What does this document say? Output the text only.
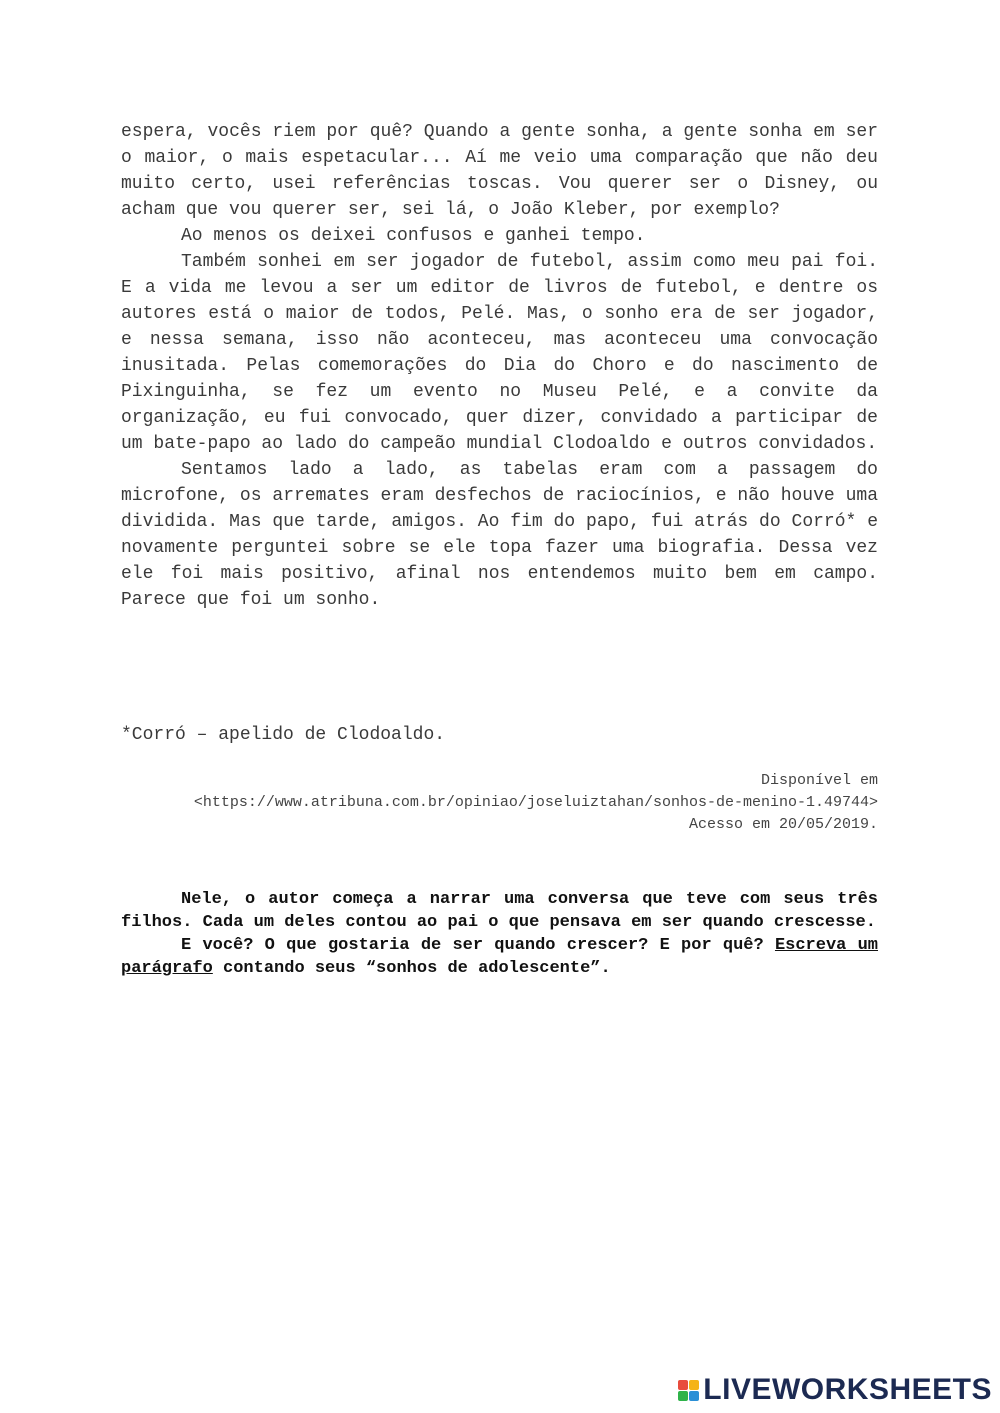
espera, vocês riem por quê? Quando a gente sonha, a gente sonha em ser o maior, o mais espetacular... Aí me veio uma comparação que não deu muito certo, usei referências toscas. Vou querer ser o Disney, ou acham que vou querer ser, sei lá, o João Kleber, por exemplo?

Ao menos os deixei confusos e ganhei tempo.

Também sonhei em ser jogador de futebol, assim como meu pai foi. E a vida me levou a ser um editor de livros de futebol, e dentre os autores está o maior de todos, Pelé. Mas, o sonho era de ser jogador, e nessa semana, isso não aconteceu, mas aconteceu uma convocação inusitada. Pelas comemorações do Dia do Choro e do nascimento de Pixinguinha, se fez um evento no Museu Pelé, e a convite da organização, eu fui convocado, quer dizer, convidado a participar de um bate-papo ao lado do campeão mundial Clodoaldo e outros convidados.

Sentamos lado a lado, as tabelas eram com a passagem do microfone, os arremates eram desfechos de raciocínios, e não houve uma dividida. Mas que tarde, amigos. Ao fim do papo, fui atrás do Corró* e novamente perguntei sobre se ele topa fazer uma biografia. Dessa vez ele foi mais positivo, afinal nos entendemos muito bem em campo. Parece que foi um sonho.

*Corró – apelido de Clodoaldo.

Disponível em
<https://www.atribuna.com.br/opiniao/joseluiztahan/sonhos-de-menino-1.49744>
Acesso em 20/05/2019.

Nele, o autor começa a narrar uma conversa que teve com seus três filhos. Cada um deles contou ao pai o que pensava em ser quando crescesse.

E você? O que gostaria de ser quando crescer? E por quê? Escreva um parágrafo contando seus “sonhos de adolescente”.

LIVEWORKSHEETS
